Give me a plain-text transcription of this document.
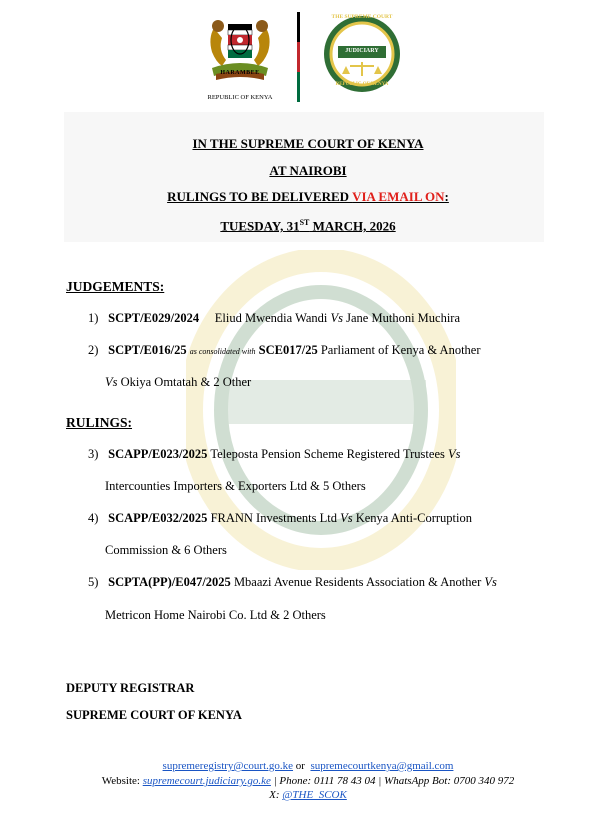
HARAMBEE
REPUBLIC OF KENYA
THE SUPREME COURT
JUDICIARY
REPUBLIC OF KENYA
IN THE SUPREME COURT OF KENYA
AT NAIROBI
RULINGS TO BE DELIVERED VIA EMAIL ON:
TUESDAY, 31ST MARCH, 2026
JUDGEMENTS:
1) SCPT/E029/2024 Eliud Mwendia Wandi Vs Jane Muthoni Muchira
2) SCPT/E016/25 as consolidated with SCE017/25 Parliament of Kenya & Another
Vs Okiya Omtatah & 2 Other
RULINGS:
3) SCAPP/E023/2025 Teleposta Pension Scheme Registered Trustees Vs
Intercounties Importers & Exporters Ltd & 5 Others
4) SCAPP/E032/2025 FRANN Investments Ltd Vs Kenya Anti-Corruption
Commission & 6 Others
5) SCPTA(PP)/E047/2025 Mbaazi Avenue Residents Association & Another Vs
Metricon Home Nairobi Co. Ltd & 2 Others
DEPUTY REGISTRAR
SUPREME COURT OF KENYA
supremeregistry@court.go.ke or supremecourtkenya@gmail.com
Website: supremecourt.judiciary.go.ke | Phone: 0111 78 43 04 | WhatsApp Bot: 0700 340 972
X: @THE_SCOK
